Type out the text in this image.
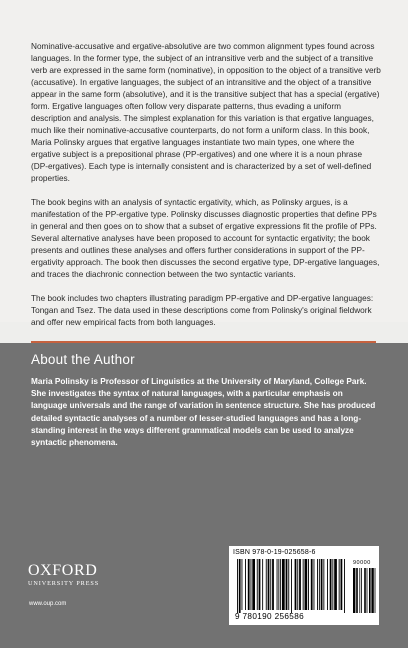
Nominative-accusative and ergative-absolutive are two common alignment types found across languages. In the former type, the subject of an intransitive verb and the subject of a transitive verb are expressed in the same form (nominative), in opposition to the object of a transitive verb (accusative). In ergative languages, the subject of an intransitive and the object of a transitive appear in the same form (absolutive), and it is the transitive subject that has a special (ergative) form. Ergative languages often follow very disparate patterns, thus evading a uniform description and analysis. The simplest explanation for this variation is that ergative languages, much like their nominative-accusative counterparts, do not form a uniform class. In this book, Maria Polinsky argues that ergative languages instantiate two main types, one where the ergative subject is a prepositional phrase (PP-ergatives) and one where it is a noun phrase (DP-ergatives). Each type is internally consistent and is characterized by a set of well-defined properties.

The book begins with an analysis of syntactic ergativity, which, as Polinsky argues, is a manifestation of the PP-ergative type. Polinsky discusses diagnostic properties that define PPs in general and then goes on to show that a subset of ergative expressions fit the profile of PPs. Several alternative analyses have been proposed to account for syntactic ergativity; the book presents and outlines these analyses and offers further considerations in support of the PP-ergativity approach. The book then discusses the second ergative type, DP-ergative languages, and traces the diachronic connection between the two syntactic variants.

The book includes two chapters illustrating paradigm PP-ergative and DP-ergative languages: Tongan and Tsez. The data used in these descriptions come from Polinsky's original fieldwork and offer new empirical facts from both languages.

About the Author
Maria Polinsky is Professor of Linguistics at the University of Maryland, College Park. She investigates the syntax of natural languages, with a particular emphasis on language universals and the range of variation in sentence structure. She has produced detailed syntactic analyses of a number of lesser-studied languages and has a long-standing interest in the ways different grammatical models can be used to analyze syntactic phenomena.
OXFORD
UNIVERSITY PRESS
www.oup.com
ISBN 978-0-19-025658-6
9 780190 256586
90000
